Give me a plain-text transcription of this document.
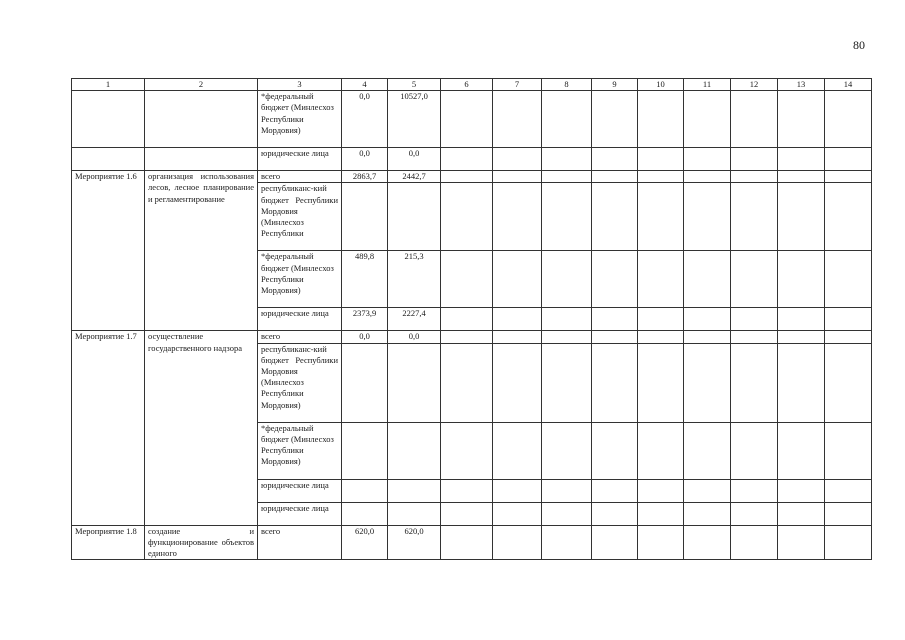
80
1	2	3	4	5	6	7	8	9	10	11	12	13	14
		*федеральный бюджет (Минлесхоз Республики Мордовия)	0,0	10527,0									
		юридические лица	0,0	0,0									
Мероприятие 1.6	организация использования лесов, лесное планирование и регламентирование	всего	2863,7	2442,7									
		республиканс-кий бюджет Республики Мордовия (Минлесхоз Республики											
		*федеральный бюджет (Минлесхоз Республики Мордовия)	489,8	215,3									
		юридические лица	2373,9	2227,4									
Мероприятие 1.7	осуществление государственного надзора	всего	0,0	0,0									
		республиканс-кий бюджет Республики Мордовия (Минлесхоз Республики Мордовия)											
		*федеральный бюджет (Минлесхоз Республики Мордовия)											
		юридические лица											
		юридические лица											
Мероприятие 1.8	создание и функционирование объектов единого	всего	620,0	620,0									
